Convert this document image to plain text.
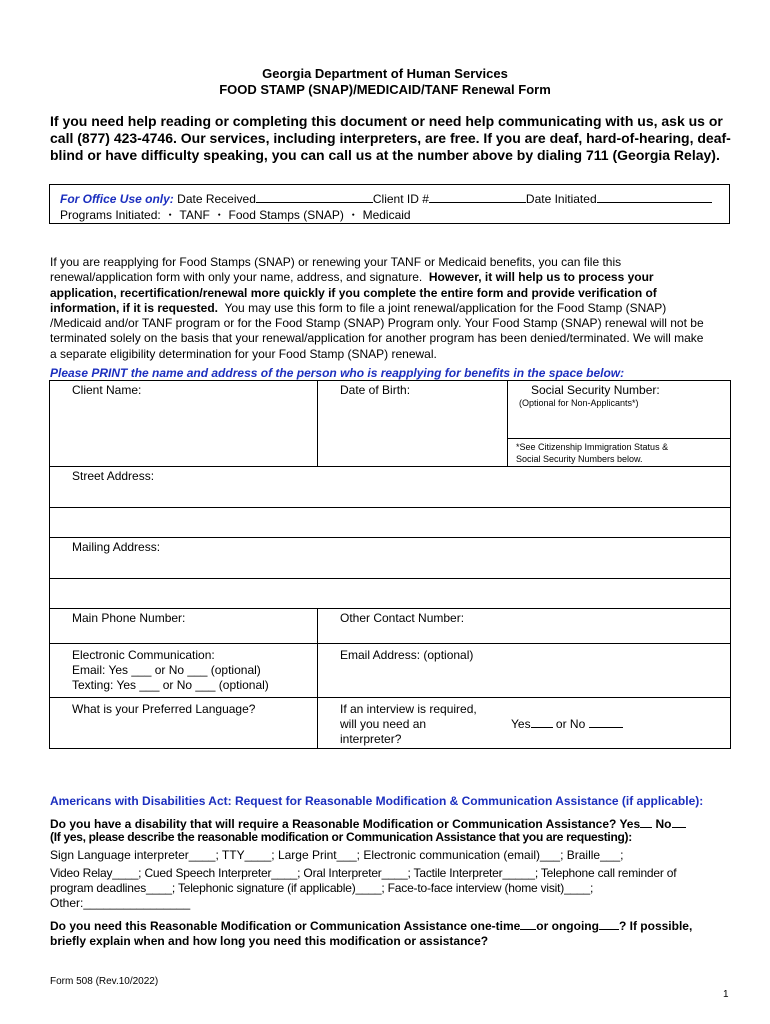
Georgia Department of Human Services
FOOD STAMP (SNAP)/MEDICAID/TANF Renewal Form
If you need help reading or completing this document or need help communicating with us, ask us or
call (877) 423-4746. Our services, including interpreters, are free. If you are deaf, hard-of-hearing, deaf-
blind or have difficulty speaking, you can call us at the number above by dialing 711 (Georgia Relay).
For Office Use only: Date Received	Client ID #	Date Initiated
Programs Initiated: ・ TANF ・ Food Stamps (SNAP) ・ Medicaid
If you are reapplying for Food Stamps (SNAP) or renewing your TANF or Medicaid benefits, you can file this
renewal/application form with only your name, address, and signature. However, it will help us to process your
application, recertification/renewal more quickly if you complete the entire form and provide verification of
information, if it is requested. You may use this form to file a joint renewal/application for the Food Stamp (SNAP)
/Medicaid and/or TANF program or for the Food Stamp (SNAP) Program only. Your Food Stamp (SNAP) renewal will not be
terminated solely on the basis that your renewal/application for another program has been denied/terminated. We will make
a separate eligibility determination for your Food Stamp (SNAP) renewal.
Please PRINT the name and address of the person who is reapplying for benefits in the space below:
Client Name:	Date of Birth:	Social Security Number:
(Optional for Non-Applicants*)

		*See Citizenship Immigration Status &
Social Security Numbers below.

Street Address:		

Mailing Address:		

Main Phone Number:	Other Contact Number:	

Electronic Communication:
Email: Yes ___ or No ___ (optional)
Texting: Yes ___ or No ___ (optional)	Email Address: (optional)	
What is your Preferred Language?	If an interview is required,
will you need an
interpreter?
Yes or No	
Americans with Disabilities Act: Request for Reasonable Modification & Communication Assistance (if applicable):
Do you have a disability that will require a Reasonable Modification or Communication Assistance? Yes No
(If yes, please describe the reasonable modification or Communication Assistance that you are requesting):
Sign Language interpreter____; TTY____; Large Print___; Electronic communication (email)___; Braille___;
Video Relay____; Cued Speech Interpreter____; Oral Interpreter____; Tactile Interpreter_____; Telephone call reminder of
program deadlines____; Telephonic signature (if applicable)____; Face-to-face interview (home visit)____;
Other:________________
Do you need this Reasonable Modification or Communication Assistance one-time or ongoing ? If possible,
briefly explain when and how long you need this modification or assistance?
Form 508 (Rev.10/2022)
1
